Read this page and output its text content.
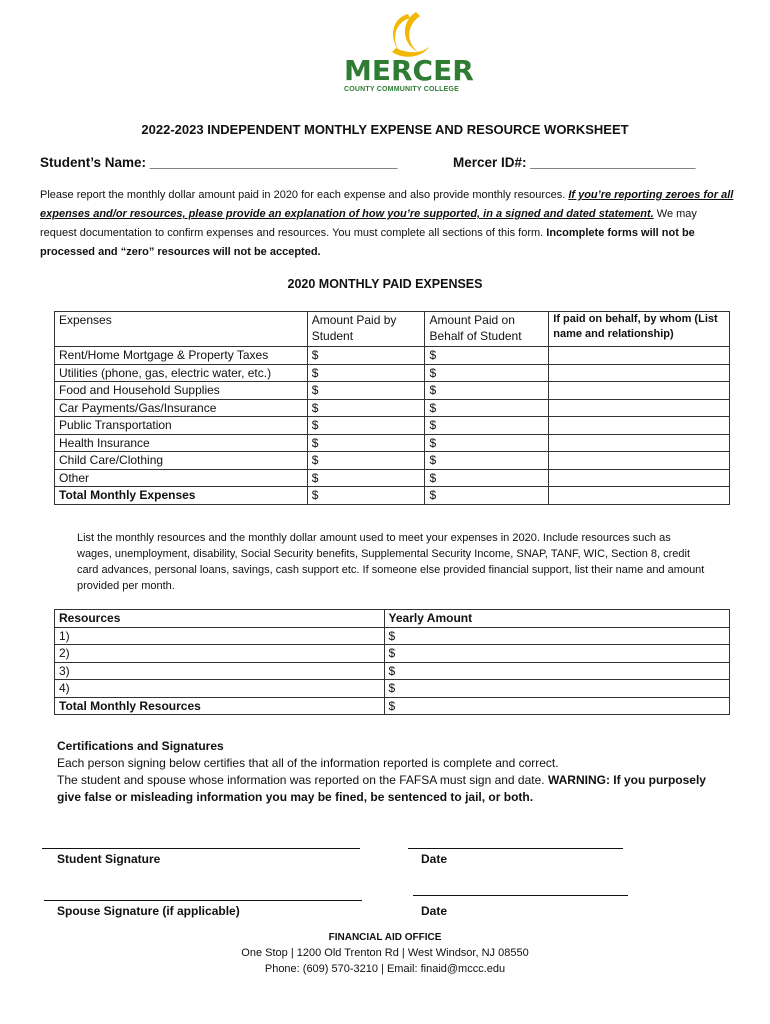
MERCER
COUNTY COMMUNITY COLLEGE
2022-2023 INDEPENDENT MONTHLY EXPENSE AND RESOURCE WORKSHEET
Student’s Name: _________________________________	Mercer ID#: ______________________
Please report the monthly dollar amount paid in 2020 for each expense and also provide monthly resources. If you’re reporting zeroes for all expenses and/or resources, please provide an explanation of how you’re supported, in a signed and dated statement. We may request documentation to confirm expenses and resources. You must complete all sections of this form. Incomplete forms will not be processed and “zero” resources will not be accepted.
2020 MONTHLY PAID EXPENSES
Expenses	Amount Paid by Student	Amount Paid on Behalf of Student	If paid on behalf, by whom (List name and relationship)
Rent/Home Mortgage & Property Taxes	$	$	
Utilities (phone, gas, electric water, etc.)	$	$	
Food and Household Supplies	$	$	
Car Payments/Gas/Insurance	$	$	
Public Transportation	$	$	
Health Insurance	$	$	
Child Care/Clothing	$	$	
Other	$	$	
Total Monthly Expenses	$	$	
List the monthly resources and the monthly dollar amount used to meet your expenses in 2020. Include resources such as wages, unemployment, disability, Social Security benefits, Supplemental Security Income, SNAP, TANF, WIC, Section 8, credit card advances, personal loans, savings, cash support etc. If someone else provided financial support, list their name and amount provided per month.
Resources	Yearly Amount
1)	$
2)	$
3)	$
4)	$
Total Monthly Resources	$
Certifications and Signatures
Each person signing below certifies that all of the information reported is complete and correct.
The student and spouse whose information was reported on the FAFSA must sign and date. WARNING: If you purposely give false or misleading information you may be fined, be sentenced to jail, or both.
Student Signature	Date
Spouse Signature (if applicable)	Date
FINANCIAL AID OFFICE
One Stop | 1200 Old Trenton Rd | West Windsor, NJ 08550
Phone: (609) 570-3210 | Email: finaid@mccc.edu
